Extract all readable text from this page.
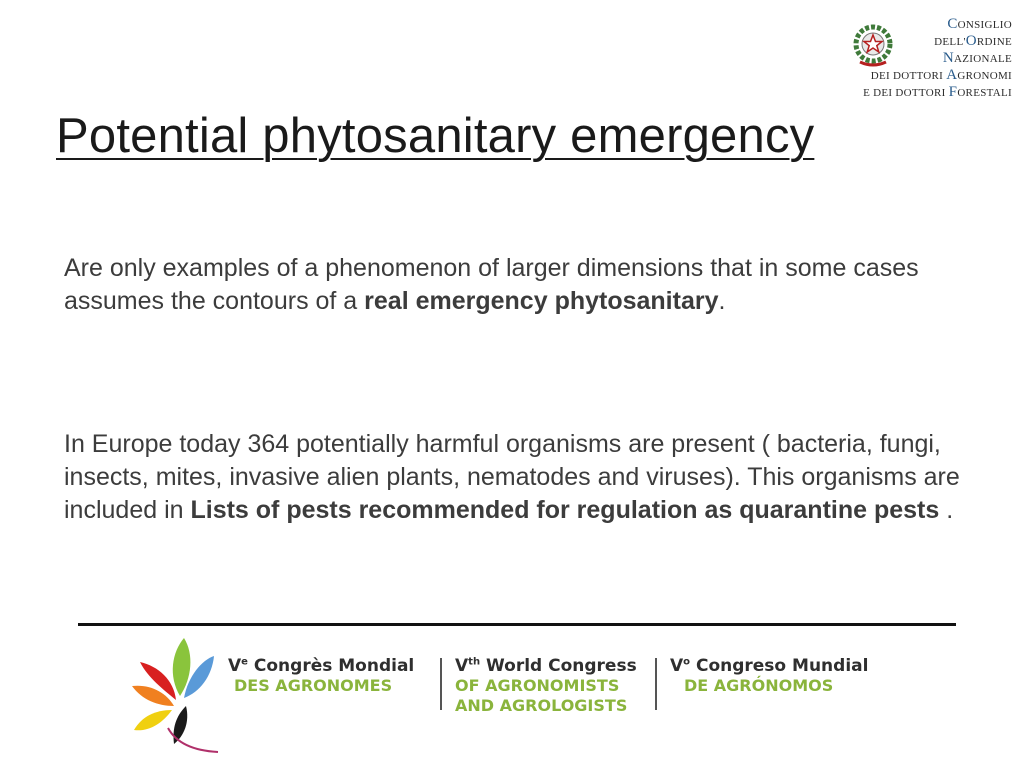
CONSIGLIO
DELL'ORDINE
NAZIONALE
DEI DOTTORI AGRONOMI
E DEI DOTTORI FORESTALI
Potential phytosanitary emergency

Are only examples of a phenomenon of larger dimensions that in some cases assumes the contours of a real emergency phytosanitary.

In Europe today 364 potentially harmful organisms are present ( bacteria, fungi, insects, mites, invasive alien plants, nematodes and viruses). This organisms are included in Lists of pests recommended for regulation as quarantine pests .

Ve Congrès Mondial
DES AGRONOMES
Vth World Congress
OF AGRONOMISTS
AND AGROLOGISTS
$V^o$ Congreso Mundial
DE AGRÓNOMOS
